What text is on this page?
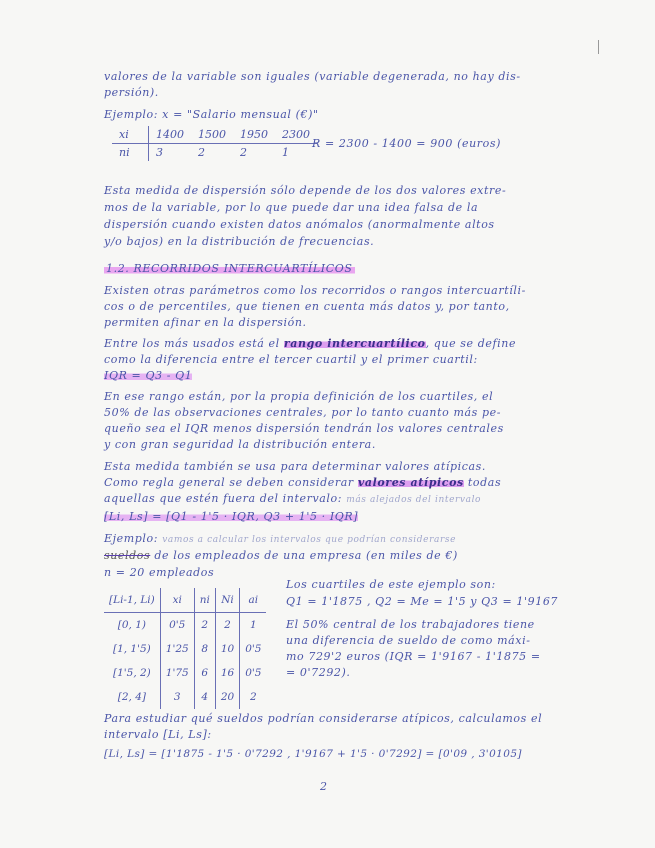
valores de la variable son iguales (variable degenerada, no hay dis-
persión).
Ejemplo: x = "Salario mensual (€)"
xi	1400	1500	1950	2300
ni	3	2	2	1
R = 2300 - 1400 = 900 (euros)
Esta medida de dispersión sólo depende de los dos valores extre-
mos de la variable, por lo que puede dar una idea falsa de la
dispersión cuando existen datos anómalos (anormalmente altos
y/o bajos) en la distribución de frecuencias.
1.2. RECORRIDOS INTERCUARTÍLICOS
Existen otras parámetros como los recorridos o rangos intercuartíli-
cos o de percentiles, que tienen en cuenta más datos y, por tanto,
permiten afinar en la dispersión.
Entre los más usados está el rango intercuartílico, que se define
como la diferencia entre el tercer cuartil y el primer cuartil:
IQR = Q3 - Q1
En ese rango están, por la propia definición de los cuartiles, el
50% de las observaciones centrales, por lo tanto cuanto más pe-
queño sea el IQR menos dispersión tendrán los valores centrales
y con gran seguridad la distribución entera.
Esta medida también se usa para determinar valores atípicas.
Como regla general se deben considerar valores atípicos todas
aquellas que estén fuera del intervalo: más alejados del intervalo
[Li, Ls] = [Q1 - 1'5 · IQR, Q3 + 1'5 · IQR]
Ejemplo: vamos a calcular los intervalos que podrían considerarse
sueldos de los empleados de una empresa (en miles de €)
n = 20 empleados
[Li-1, Li)	xi	ni	Ni	ai
[0, 1)	0'5	2	2	1
[1, 1'5)	1'25	8	10	0'5
[1'5, 2)	1'75	6	16	0'5
[2, 4]	3	4	20	2
Los cuartiles de este ejemplo son:
Q1 = 1'1875 , Q2 = Me = 1'5 y Q3 = 1'9167
El 50% central de los trabajadores tiene
una diferencia de sueldo de como máxi-
mo 729'2 euros (IQR = 1'9167 - 1'1875 =
= 0'7292).
Para estudiar qué sueldos podrían considerarse atípicos, calculamos el
intervalo [Li, Ls]:
[Li, Ls] = [1'1875 - 1'5 · 0'7292 , 1'9167 + 1'5 · 0'7292] = [0'09 , 3'0105]
2
